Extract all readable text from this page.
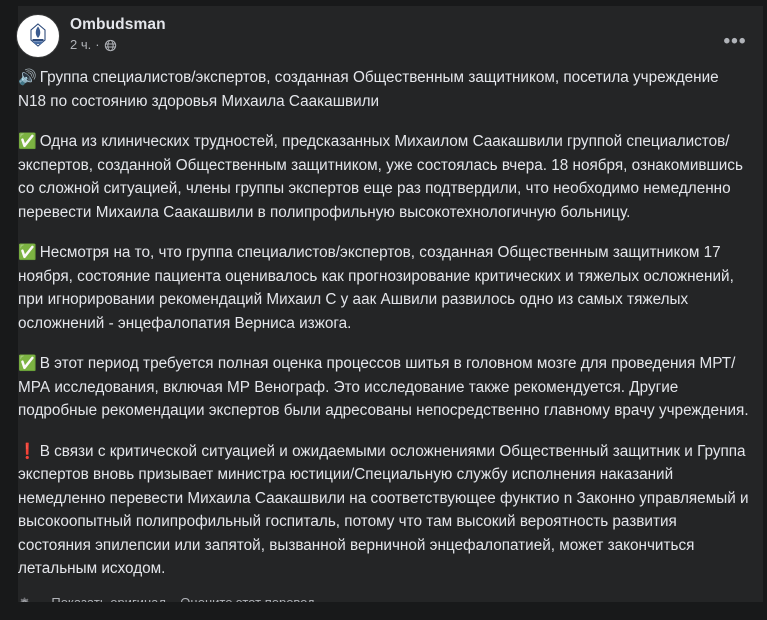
Ombudsman
2 ч. ·	•••

🔊 Группа специалистов/экспертов, созданная Общественным защитником, посетила учреждение N18 по состоянию здоровья Михаила Саакашвили

✅ Одна из клинических трудностей, предсказанных Михаилом Саакашвили группой специалистов/экспертов, созданной Общественным защитником, уже состоялась вчера. 18 ноября, ознакомившись со сложной ситуацией, члены группы экспертов еще раз подтвердили, что необходимо немедленно перевести Михаила Саакашвили в полипрофильную высокотехнологичную больницу.

✅ Несмотря на то, что группа специалистов/экспертов, созданная Общественным защитником 17 ноября, состояние пациента оценивалось как прогнозирование критических и тяжелых осложнений, при игнорировании рекомендаций Михаил С у аак Ашвили развилось одно из самых тяжелых осложнений - энцефалопатия Верниса изжога.

✅ В этот период требуется полная оценка процессов шитья в головном мозге для проведения МРТ/МРА исследования, включая МР Венограф. Это исследование также рекомендуется. Другие подробные рекомендации экспертов были адресованы непосредственно главному врачу учреждения.

❗ В связи с критической ситуацией и ожидаемыми осложнениями Общественный защитник и Группа экспертов вновь призывает министра юстиции/Специальную службу исполнения наказаний немедленно перевести Михаила Саакашвили на соответствующее функтио n Законно управляемый и высокоопытный полипрофильный госпиталь, потому что там высокий вероятность развития состояния эпилепсии или запятой, вызванной верничной энцефалопатией, может закончиться летальным исходом.
